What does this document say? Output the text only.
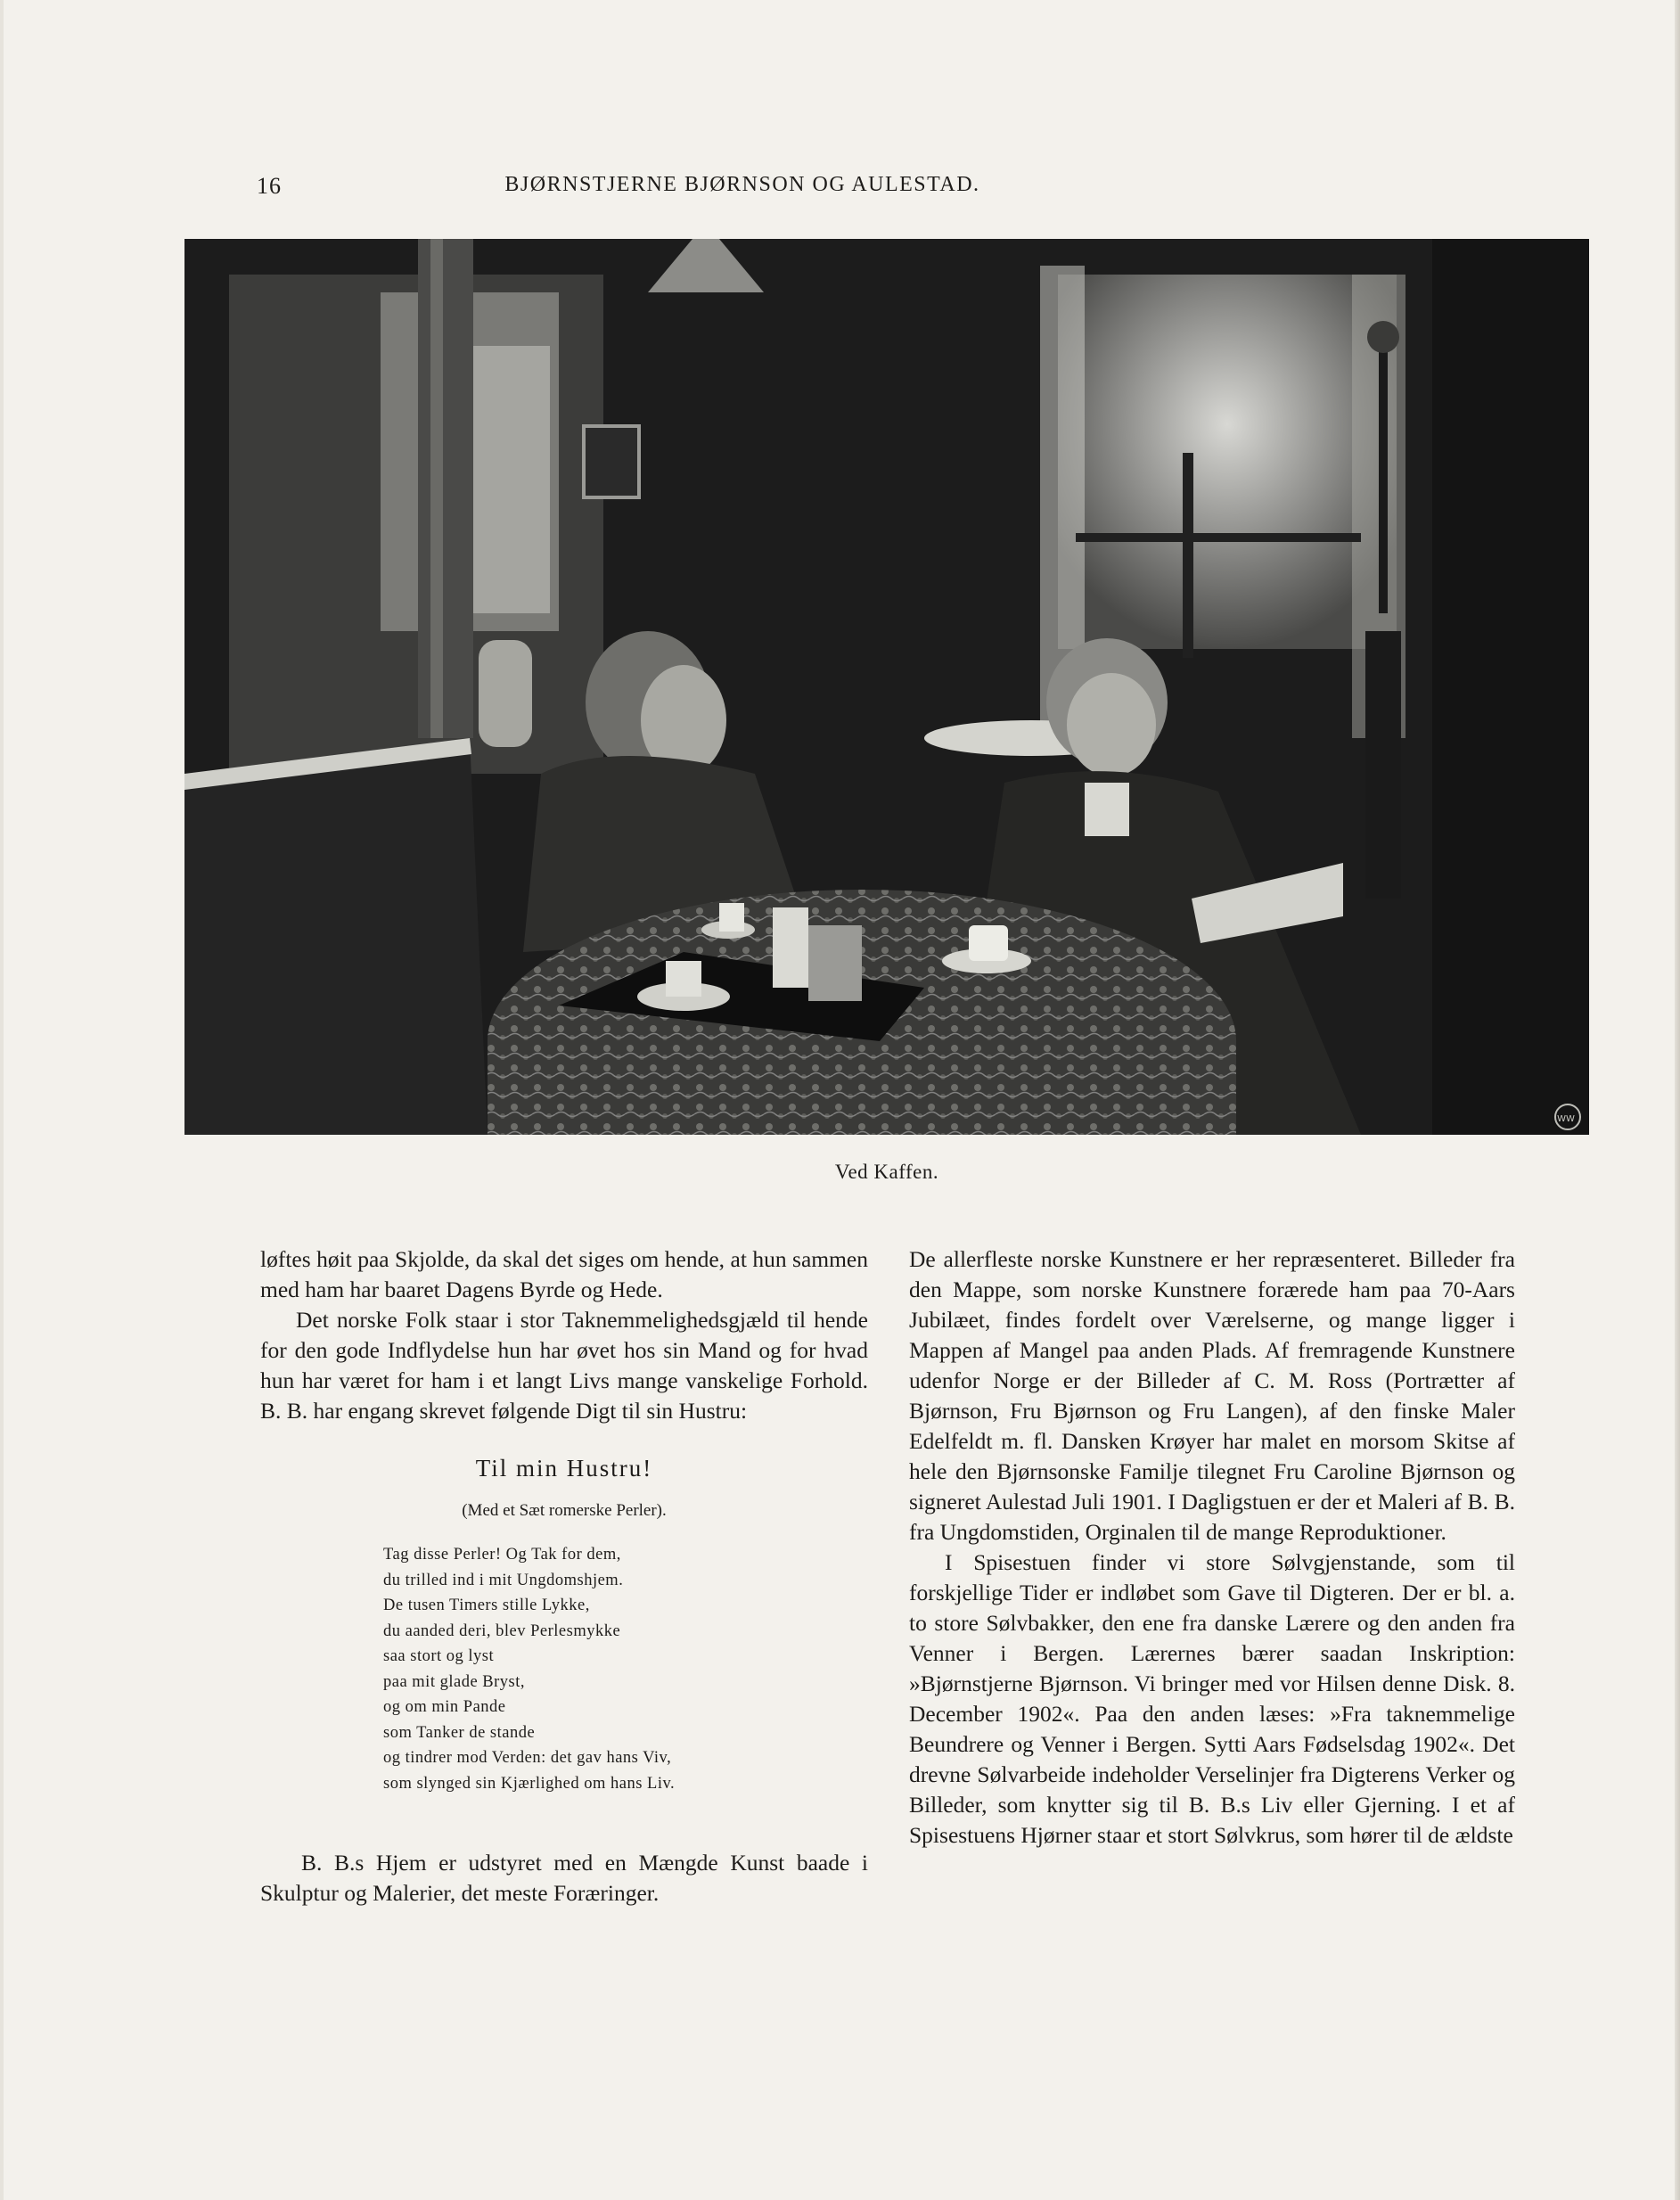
16	BJØRNSTJERNE BJØRNSON OG AULESTAD.
WW
Ved Kaffen.

løftes høit paa Skjolde, da skal det siges om hende, at hun sammen med ham har baaret Dagens Byrde og Hede.

Det norske Folk staar i stor Taknemmelighedsgjæld til hende for den gode Indflydelse hun har øvet hos sin Mand og for hvad hun har været for ham i et langt Livs mange vanskelige Forhold. B. B. har engang skrevet følgende Digt til sin Hustru:

Til min Hustru!
(Med et Sæt romerske Perler).
Tag disse Perler! Og Tak for dem,
du trilled ind i mit Ungdomshjem.
De tusen Timers stille Lykke,
du aanded deri, blev Perlesmykke
saa stort og lyst
paa mit glade Bryst,
og om min Pande
som Tanker de stande
og tindrer mod Verden: det gav hans Viv,
som slynged sin Kjærlighed om hans Liv.

B. B.s Hjem er udstyret med en Mængde Kunst baade i Skulptur og Malerier, det meste Foræringer.

De allerfleste norske Kunstnere er her repræsenteret. Billeder fra den Mappe, som norske Kunstnere forærede ham paa 70-Aars Jubilæet, findes fordelt over Værelserne, og mange ligger i Mappen af Mangel paa anden Plads. Af fremragende Kunstnere udenfor Norge er der Billeder af C. M. Ross (Portrætter af Bjørnson, Fru Bjørnson og Fru Langen), af den finske Maler Edelfeldt m. fl. Dansken Krøyer har malet en morsom Skitse af hele den Bjørnsonske Familje tilegnet Fru Caroline Bjørnson og signeret Aulestad Juli 1901. I Dagligstuen er der et Maleri af B. B. fra Ungdomstiden, Orginalen til de mange Reproduktioner.

I Spisestuen finder vi store Sølvgjenstande, som til forskjellige Tider er indløbet som Gave til Digteren. Der er bl. a. to store Sølvbakker, den ene fra danske Lærere og den anden fra Venner i Bergen. Lærernes bærer saadan Inskription: »Bjørnstjerne Bjørnson. Vi bringer med vor Hilsen denne Disk. 8. December 1902«. Paa den anden læses: »Fra taknemmelige Beundrere og Venner i Bergen. Sytti Aars Fødselsdag 1902«. Det drevne Sølvarbeide indeholder Verselinjer fra Digterens Verker og Billeder, som knytter sig til B. B.s Liv eller Gjerning. I et af Spisestuens Hjørner staar et stort Sølvkrus, som hører til de ældste
